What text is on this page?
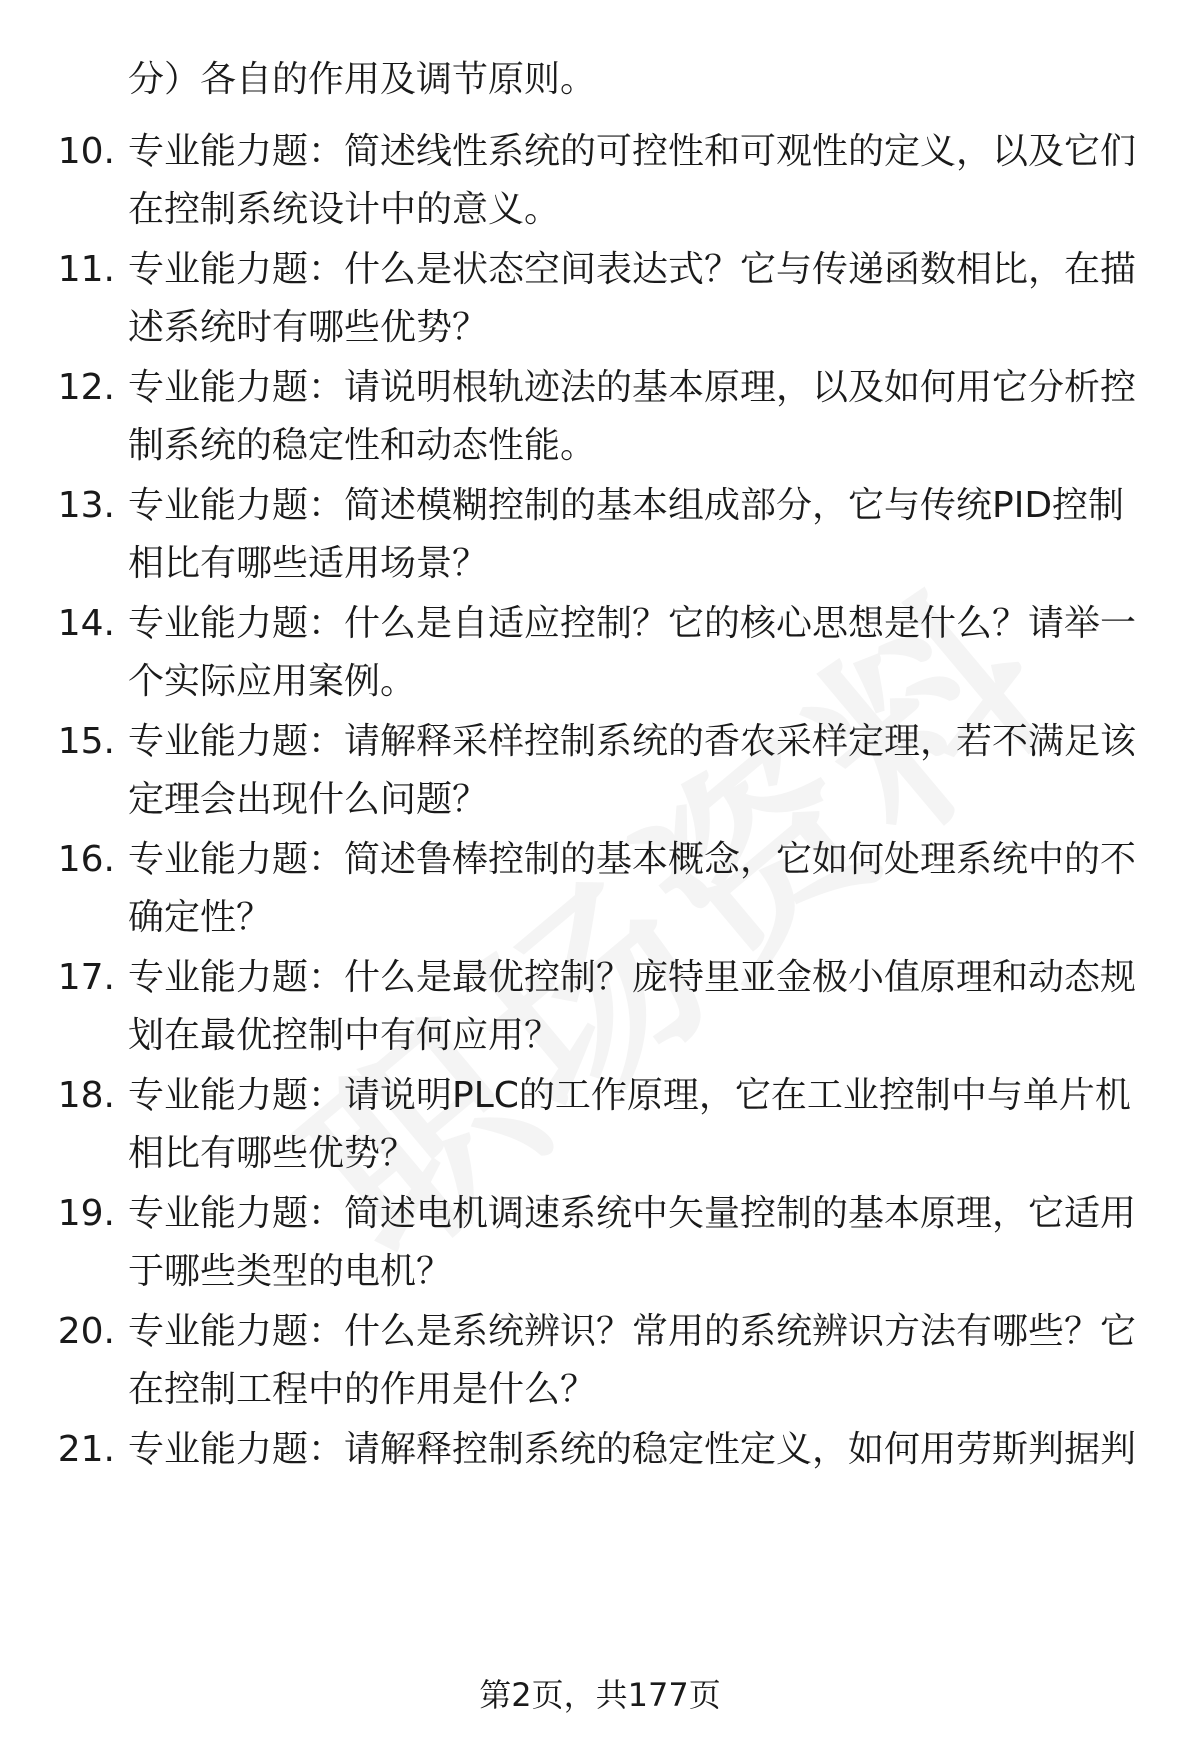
分）各自的作用及调节原则。
10. 专业能力题：简述线性系统的可控性和可观性的定义，以及它们
在控制系统设计中的意义。
11. 专业能力题：什么是状态空间表达式？它与传递函数相比，在描
述系统时有哪些优势？
12. 专业能力题：请说明根轨迹法的基本原理，以及如何用它分析控
制系统的稳定性和动态性能。
13. 专业能力题：简述模糊控制的基本组成部分，它与传统PID控制
相比有哪些适用场景？
14. 专业能力题：什么是自适应控制？它的核心思想是什么？请举一
个实际应用案例。
15. 专业能力题：请解释采样控制系统的香农采样定理，若不满足该
定理会出现什么问题？
16. 专业能力题：简述鲁棒控制的基本概念，它如何处理系统中的不
确定性？
17. 专业能力题：什么是最优控制？庞特里亚金极小值原理和动态规
划在最优控制中有何应用？
18. 专业能力题：请说明PLC的工作原理，它在工业控制中与单片机
相比有哪些优势？
19. 专业能力题：简述电机调速系统中矢量控制的基本原理，它适用
于哪些类型的电机？
20. 专业能力题：什么是系统辨识？常用的系统辨识方法有哪些？它
在控制工程中的作用是什么？
21. 专业能力题：请解释控制系统的稳定性定义，如何用劳斯判据判
第2页，共177页
